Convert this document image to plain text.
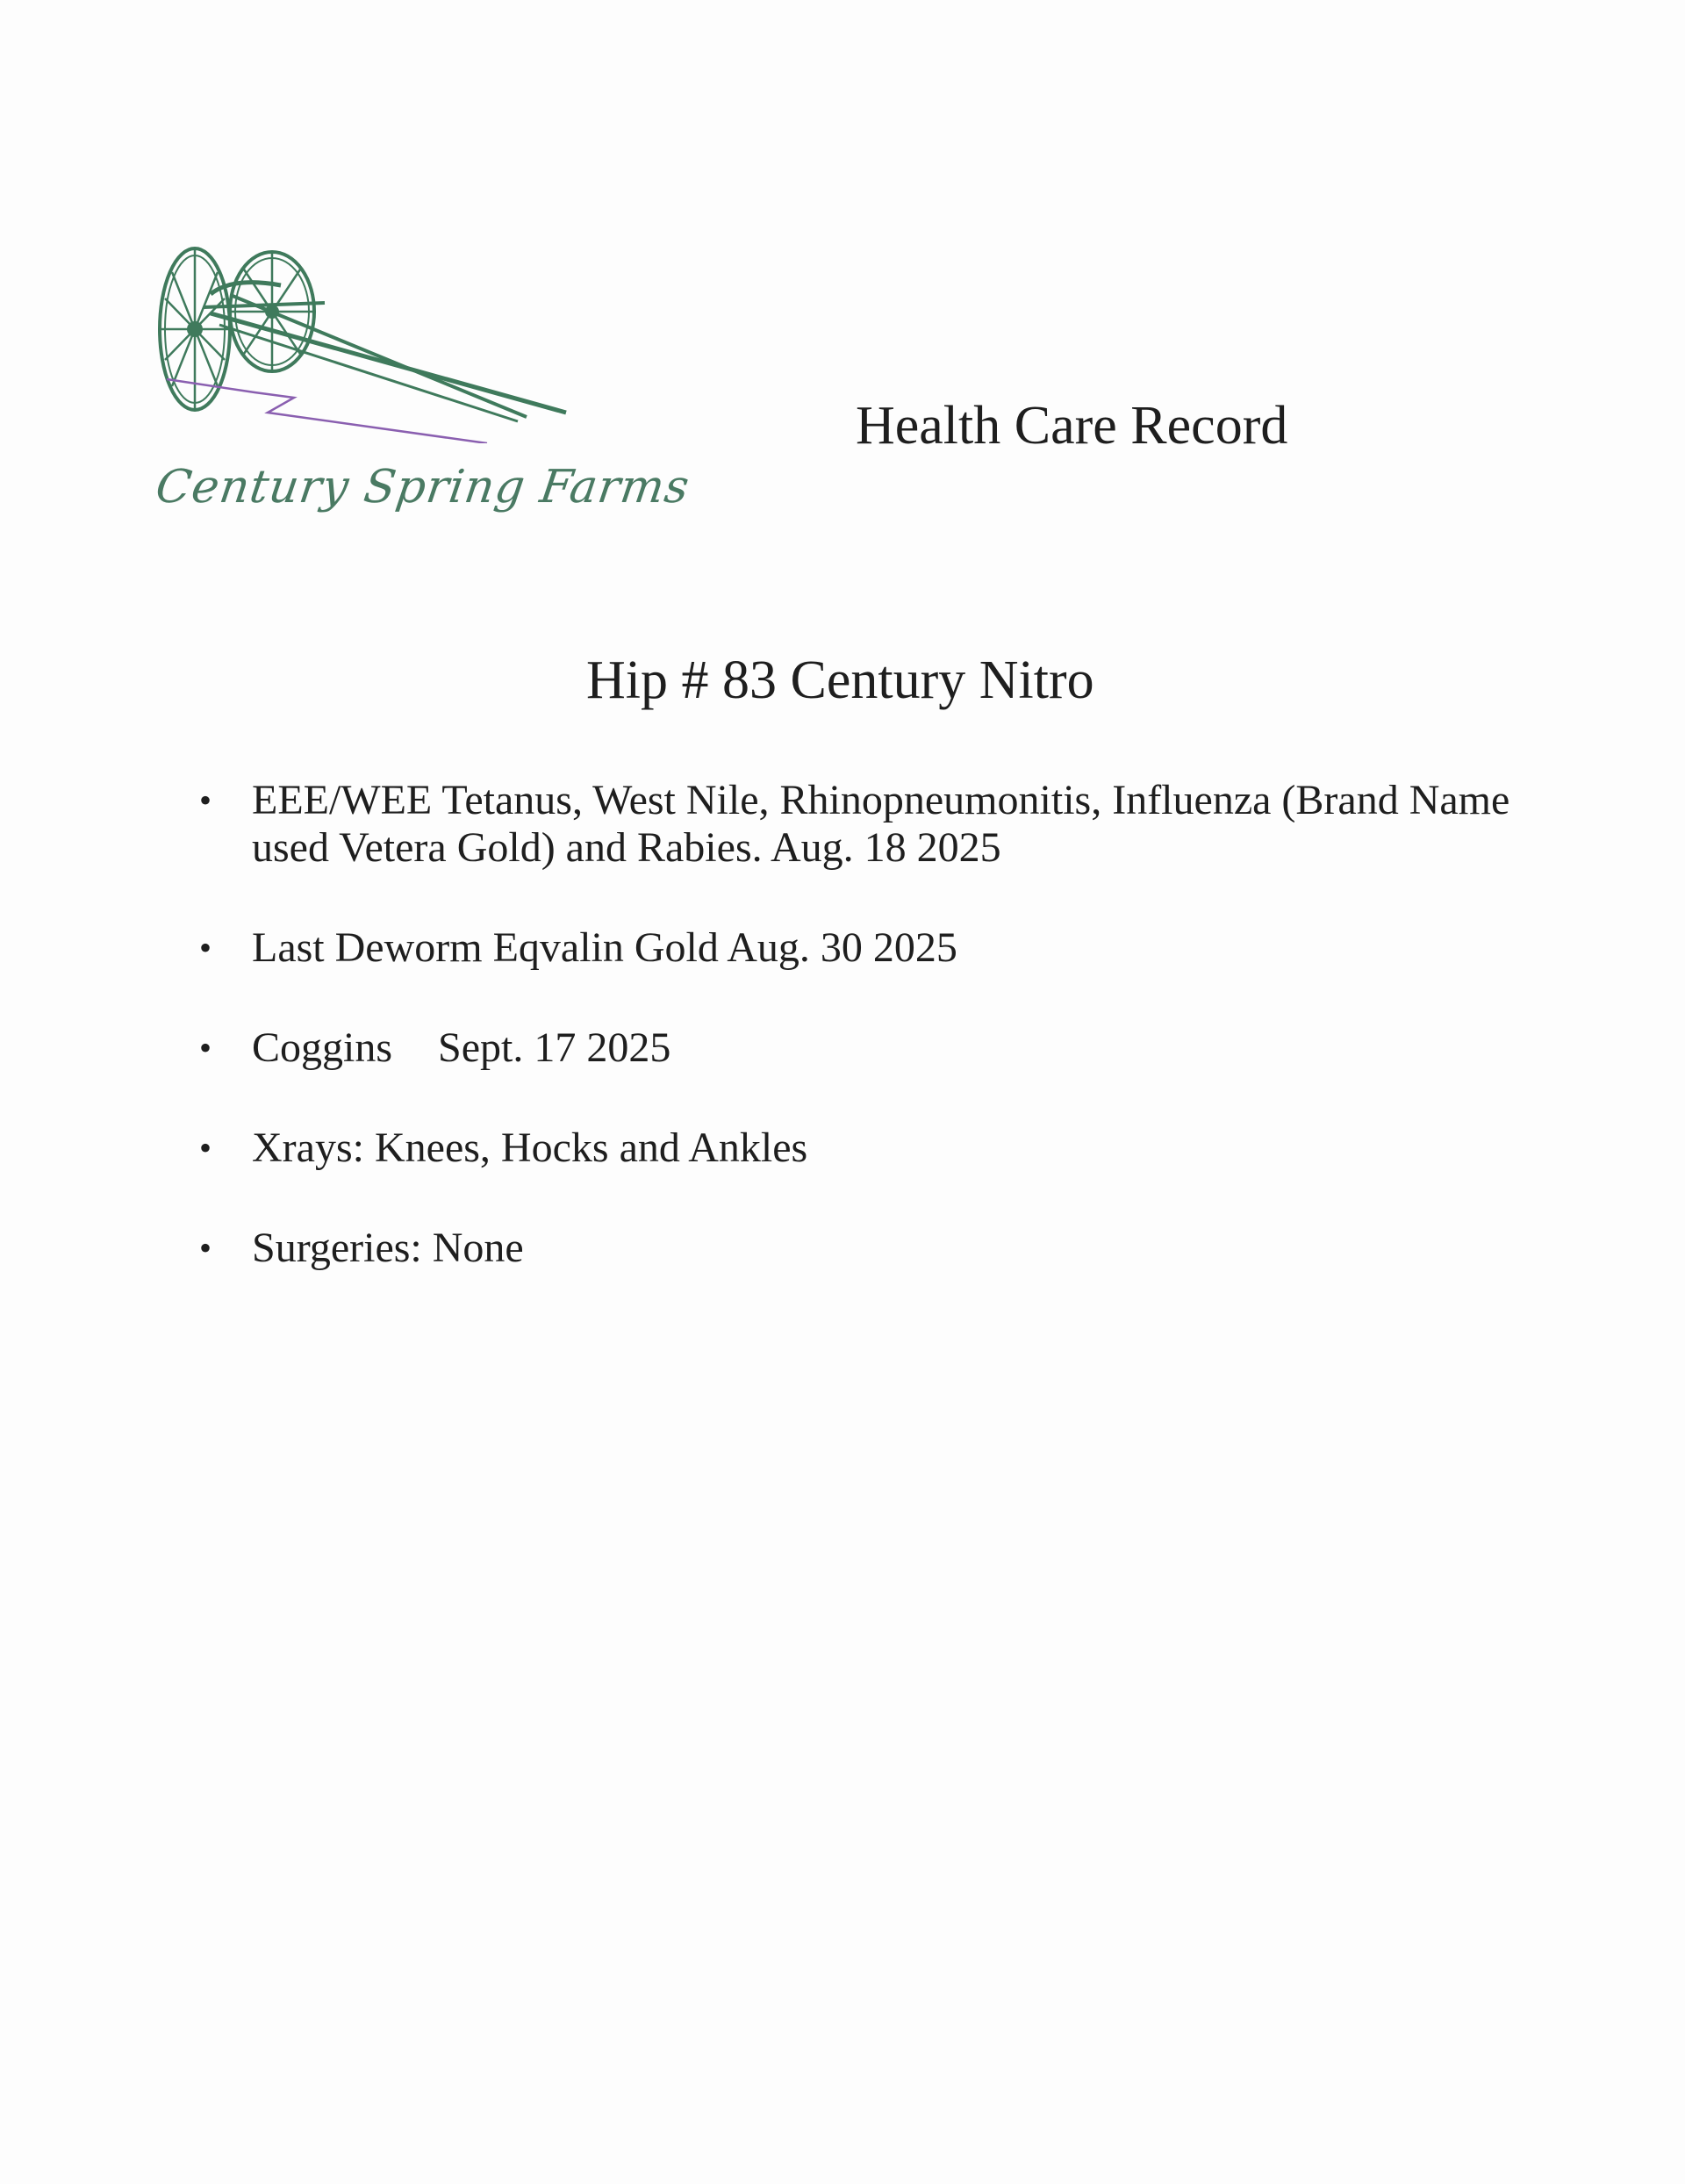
Century Spring Farms
Health Care Record
Hip # 83 Century Nitro
• EEE/WEE Tetanus, West Nile, Rhinopneumonitis, Influenza (Brand Name used Vetera Gold) and Rabies. Aug. 18 2025
• Last Deworm Eqvalin Gold Aug. 30 2025
• Coggins Sept. 17 2025
• Xrays: Knees, Hocks and Ankles
• Surgeries: None
